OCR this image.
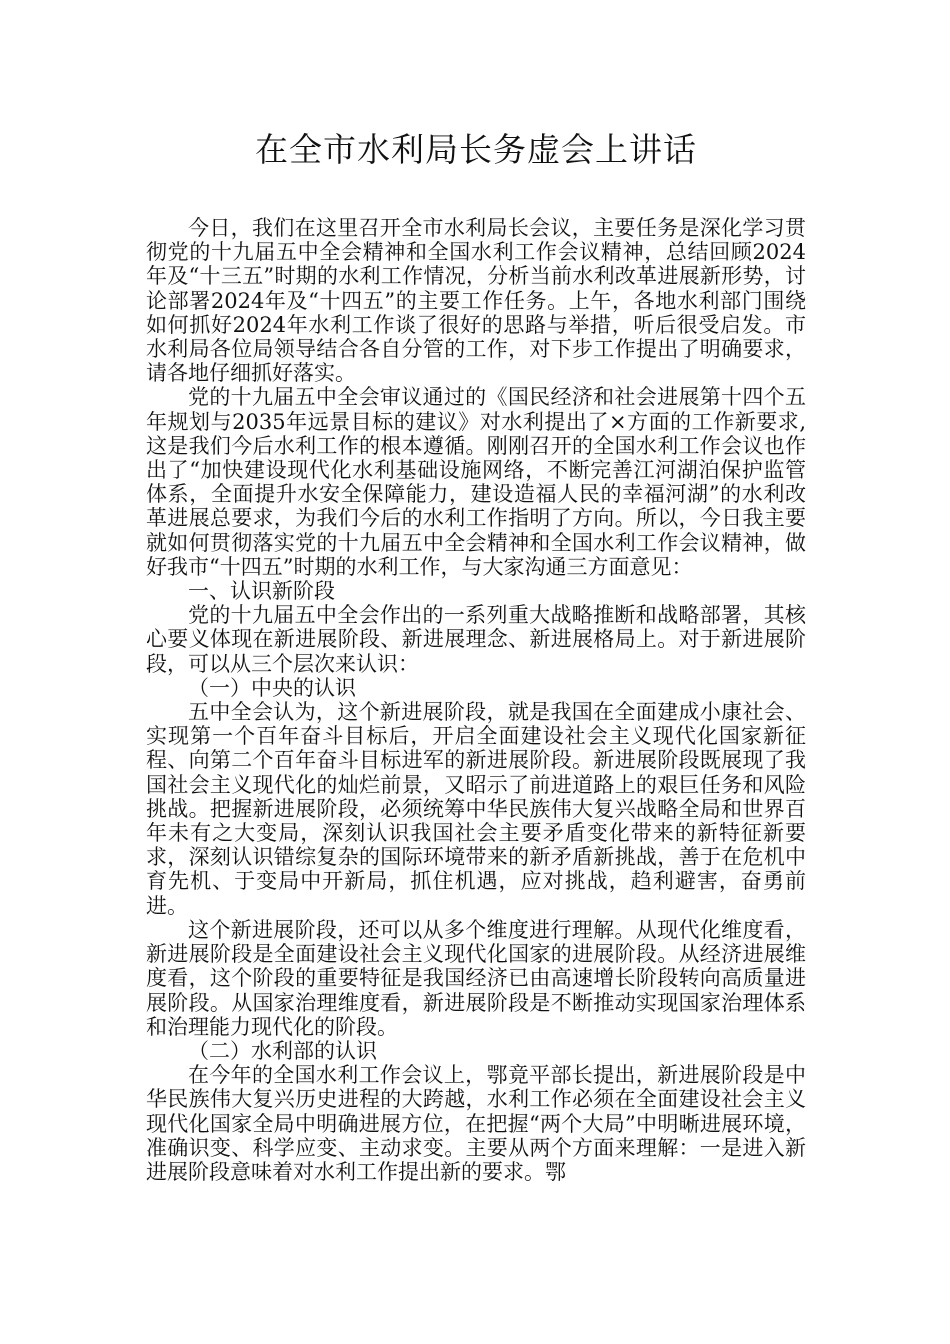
在全市水利局长务虚会上讲话

今日，我们在这里召开全市水利局长会议，主要任务是深化学习贯彻党的十九届五中全会精神和全国水利工作会议精神，总结回顾2024年及“十三五”时期的水利工作情况，分析当前水利改革进展新形势，讨论部署2024年及“十四五”的主要工作任务。上午，各地水利部门围绕如何抓好2024年水利工作谈了很好的思路与举措，听后很受启发。市水利局各位局领导结合各自分管的工作，对下步工作提出了明确要求，请各地仔细抓好落实。

党的十九届五中全会审议通过的《国民经济和社会进展第十四个五年规划与2035年远景目标的建议》对水利提出了×方面的工作新要求,这是我们今后水利工作的根本遵循。刚刚召开的全国水利工作会议也作出了“加快建设现代化水利基础设施网络，不断完善江河湖泊保护监管体系，全面提升水安全保障能力，建设造福人民的幸福河湖”的水利改革进展总要求，为我们今后的水利工作指明了方向。所以，今日我主要就如何贯彻落实党的十九届五中全会精神和全国水利工作会议精神，做好我市“十四五”时期的水利工作，与大家沟通三方面意见：

一、认识新阶段

党的十九届五中全会作出的一系列重大战略推断和战略部署，其核心要义体现在新进展阶段、新进展理念、新进展格局上。对于新进展阶段，可以从三个层次来认识：

（一）中央的认识

五中全会认为，这个新进展阶段，就是我国在全面建成小康社会、实现第一个百年奋斗目标后，开启全面建设社会主义现代化国家新征程、向第二个百年奋斗目标进军的新进展阶段。新进展阶段既展现了我国社会主义现代化的灿烂前景，又昭示了前进道路上的艰巨任务和风险挑战。把握新进展阶段，必须统筹中华民族伟大复兴战略全局和世界百年未有之大变局，深刻认识我国社会主要矛盾变化带来的新特征新要求，深刻认识错综复杂的国际环境带来的新矛盾新挑战，善于在危机中育先机、于变局中开新局，抓住机遇，应对挑战，趋利避害，奋勇前进。

这个新进展阶段，还可以从多个维度进行理解。从现代化维度看，新进展阶段是全面建设社会主义现代化国家的进展阶段。从经济进展维度看，这个阶段的重要特征是我国经济已由高速增长阶段转向高质量进展阶段。从国家治理维度看，新进展阶段是不断推动实现国家治理体系和治理能力现代化的阶段。

（二）水利部的认识

在今年的全国水利工作会议上，鄂竟平部长提出，新进展阶段是中华民族伟大复兴历史进程的大跨越，水利工作必须在全面建设社会主义现代化国家全局中明确进展方位，在把握“两个大局”中明晰进展环境，准确识变、科学应变、主动求变。主要从两个方面来理解：一是进入新进展阶段意味着对水利工作提出新的要求。鄂
